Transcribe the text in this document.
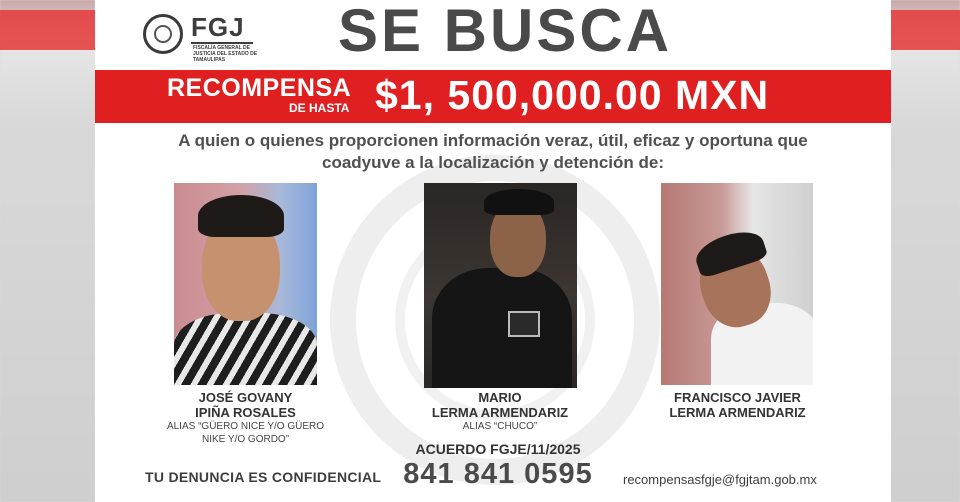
FGJ
FISCALÍA GENERAL DE JUSTICIA DEL ESTADO DE TAMAULIPAS	SE BUSCA
RECOMPENSA
DE HASTA $1, 500,000.00 MXN
A quien o quienes proporcionen información veraz, útil, eficaz y oportuna que
coadyuve a la localización y detención de:
JOSÉ GOVANY
IPIÑA ROSALES
ALIAS “GÜERO NICE Y/O GÜERO
NIKE Y/O GORDO”
MARIO
LERMA ARMENDARIZ
ALIAS “CHUCO”
FRANCISCO JAVIER
LERMA ARMENDARIZ
ACUERDO FGJE/11/2025
TU DENUNCIA ES CONFIDENCIAL 841 841 0595	recompensasfgje@fgjtam.gob.mx
